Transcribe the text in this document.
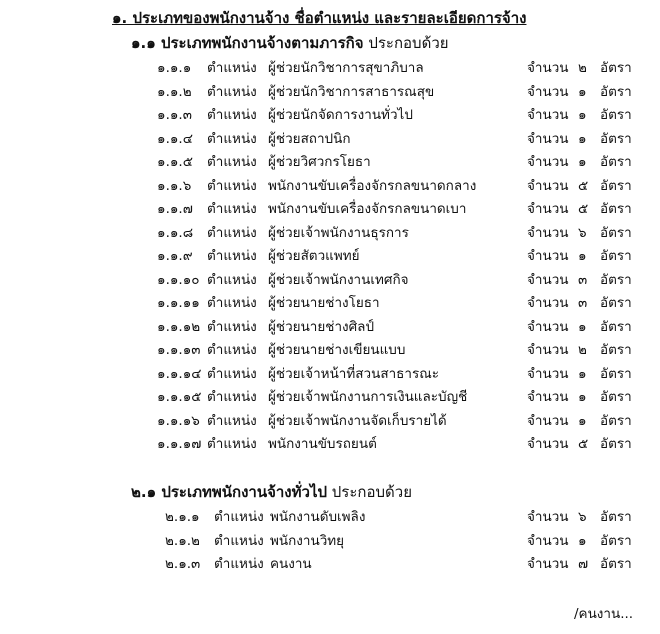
๑. ประเภทของพนักงานจ้าง ชื่อตำแหน่ง และรายละเอียดการจ้าง
๑.๑ ประเภทพนักงานจ้างตามภารกิจ ประกอบด้วย
๑.๑.๑ ตำแหน่ง ผู้ช่วยนักวิชาการสุขาภิบาล	จำนวน ๒ อัตรา
๑.๑.๒ ตำแหน่ง ผู้ช่วยนักวิชาการสาธารณสุข	จำนวน ๑ อัตรา
๑.๑.๓ ตำแหน่ง ผู้ช่วยนักจัดการงานทั่วไป	จำนวน ๑ อัตรา
๑.๑.๔ ตำแหน่ง ผู้ช่วยสถาปนิก	จำนวน ๑ อัตรา
๑.๑.๕ ตำแหน่ง ผู้ช่วยวิศวกรโยธา	จำนวน ๑ อัตรา
๑.๑.๖ ตำแหน่ง พนักงานขับเครื่องจักรกลขนาดกลาง	จำนวน ๕ อัตรา
๑.๑.๗ ตำแหน่ง พนักงานขับเครื่องจักรกลขนาดเบา	จำนวน ๕ อัตรา
๑.๑.๘ ตำแหน่ง ผู้ช่วยเจ้าพนักงานธุรการ	จำนวน ๖ อัตรา
๑.๑.๙ ตำแหน่ง ผู้ช่วยสัตวแพทย์	จำนวน ๑ อัตรา
๑.๑.๑๐ ตำแหน่ง ผู้ช่วยเจ้าพนักงานเทศกิจ	จำนวน ๓ อัตรา
๑.๑.๑๑ ตำแหน่ง ผู้ช่วยนายช่างโยธา	จำนวน ๓ อัตรา
๑.๑.๑๒ ตำแหน่ง ผู้ช่วยนายช่างศิลป์	จำนวน ๑ อัตรา
๑.๑.๑๓ ตำแหน่ง ผู้ช่วยนายช่างเขียนแบบ	จำนวน ๒ อัตรา
๑.๑.๑๔ ตำแหน่ง ผู้ช่วยเจ้าหน้าที่สวนสาธารณะ	จำนวน ๑ อัตรา
๑.๑.๑๕ ตำแหน่ง ผู้ช่วยเจ้าพนักงานการเงินและบัญชี	จำนวน ๑ อัตรา
๑.๑.๑๖ ตำแหน่ง ผู้ช่วยเจ้าพนักงานจัดเก็บรายได้	จำนวน ๑ อัตรา
๑.๑.๑๗ ตำแหน่ง พนักงานขับรถยนต์	จำนวน ๕ อัตรา
๒.๑ ประเภทพนักงานจ้างทั่วไป ประกอบด้วย
๒.๑.๑ ตำแหน่ง พนักงานดับเพลิง	จำนวน ๖ อัตรา
๒.๑.๒ ตำแหน่ง พนักงานวิทยุ	จำนวน ๑ อัตรา
๒.๑.๓ ตำแหน่ง คนงาน	จำนวน ๗ อัตรา
/คนงาน...
